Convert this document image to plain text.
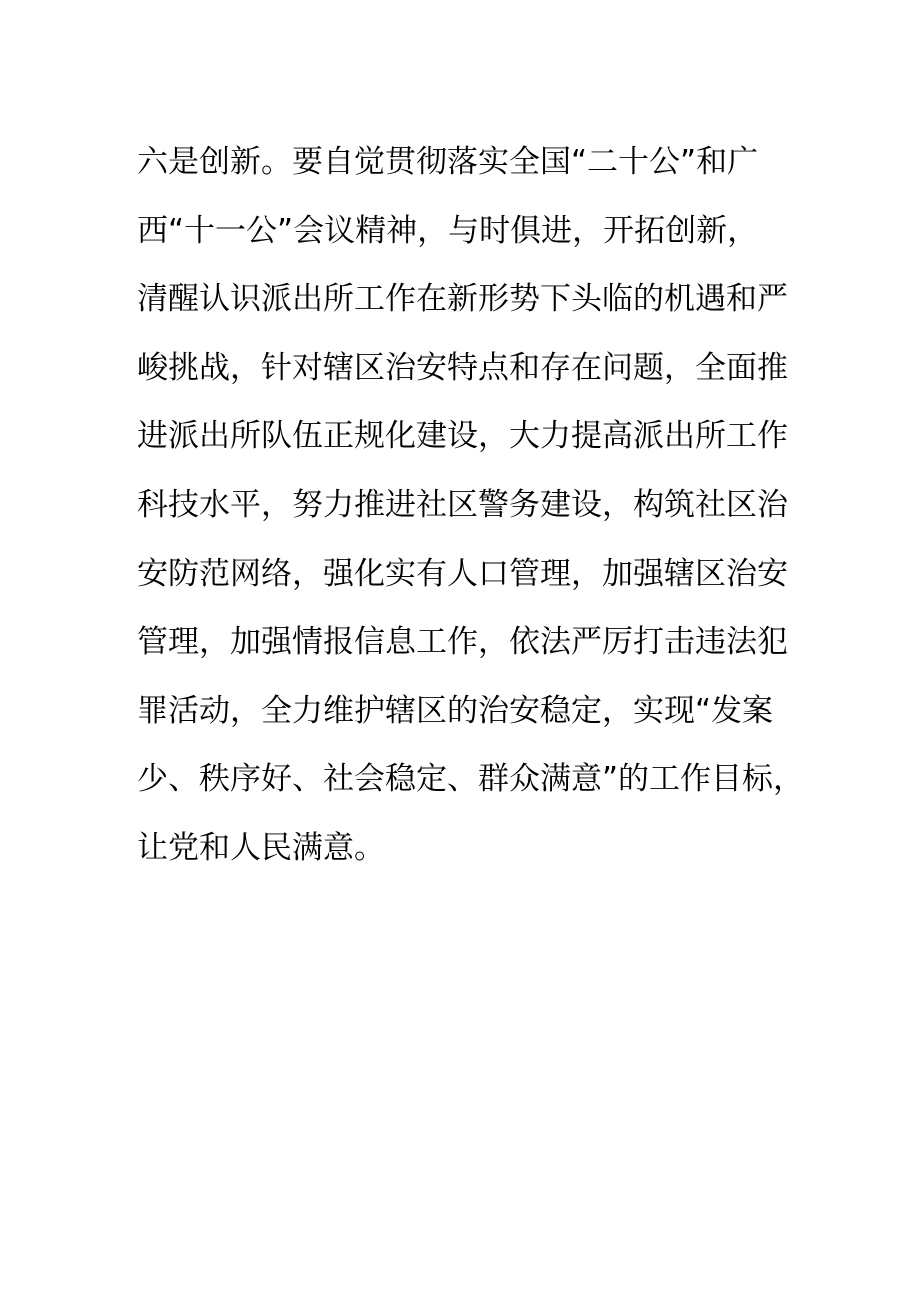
六是创新。要自觉贯彻落实全国“二十公”和广
西“十一公”会议精神，与时俱进，开拓创新，
清醒认识派出所工作在新形势下头临的机遇和严
峻挑战，针对辖区治安特点和存在问题，全面推
进派出所队伍正规化建设，大力提高派出所工作
科技水平，努力推进社区警务建设，构筑社区治
安防范网络，强化实有人口管理，加强辖区治安
管理，加强情报信息工作，依法严厉打击违法犯
罪活动，全力维护辖区的治安稳定，实现“发案
少、秩序好、社会稳定、群众满意”的工作目标，
让党和人民满意。
